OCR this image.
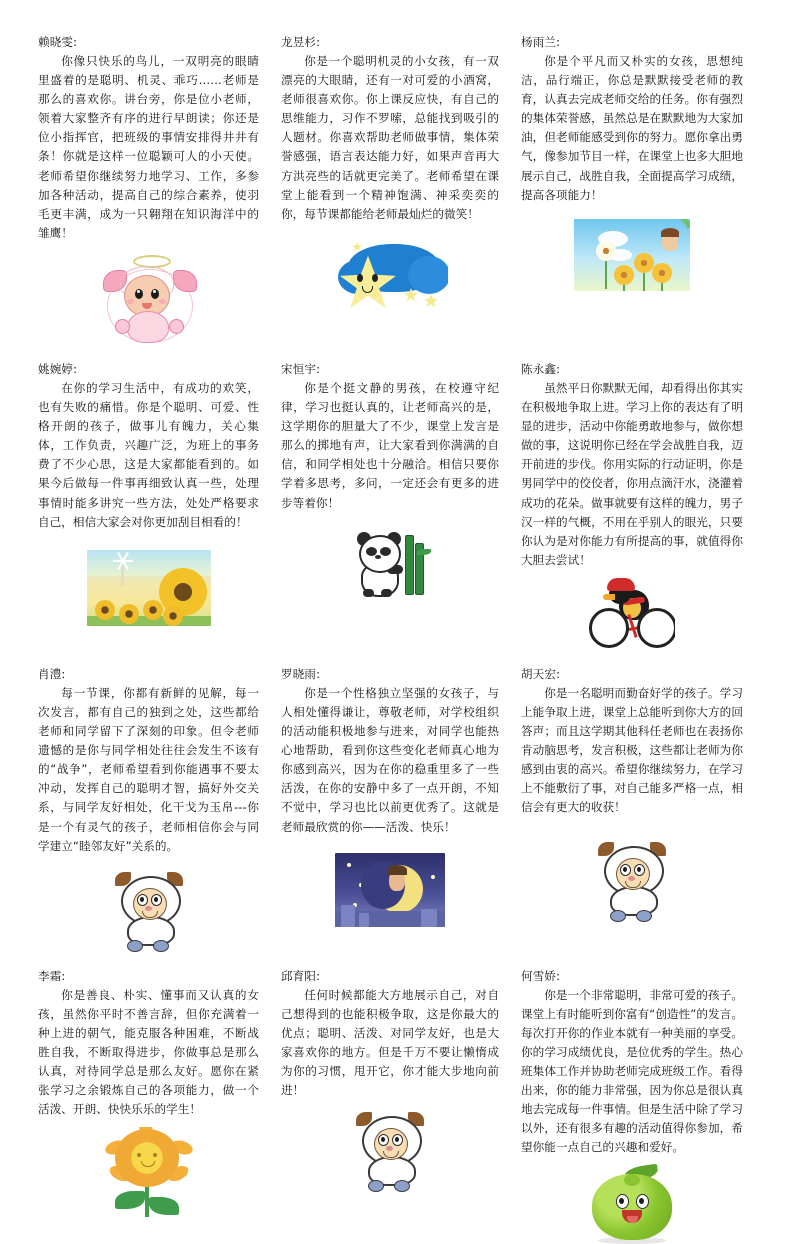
赖晓雯:

你像只快乐的鸟儿，一双明亮的眼睛里盛着的是聪明、机灵、乖巧……老师是那么的喜欢你。讲台旁，你是位小老师，领着大家整齐有序的进行早朗读；你还是位小指挥官，把班级的事情安排得井井有条！你就是这样一位聪颖可人的小天使。老师希望你继续努力地学习、工作，多参加各种活动，提高自己的综合素养，使羽毛更丰满，成为一只翱翔在知识海洋中的雏鹰！

龙昱杉:

你是一个聪明机灵的小女孩，有一双漂亮的大眼睛，还有一对可爱的小酒窝，老师很喜欢你。你上课反应快，有自己的思维能力，习作不罗嗦，总能找到吸引的人题材。你喜欢帮助老师做事情，集体荣誉感强，语言表达能力好，如果声音再大方洪亮些的话就更完美了。老师希望在课堂上能看到一个精神饱满、神采奕奕的你，每节课都能给老师最灿烂的微笑！

杨雨兰:

你是个平凡而又朴实的女孩，思想纯洁，品行端正，你总是默默接受老师的教育，认真去完成老师交给的任务。你有强烈的集体荣誉感，虽然总是在默默地为大家加油，但老师能感受到你的努力。愿你拿出勇气，像参加节目一样，在课堂上也多大胆地展示自己，战胜自我，全面提高学习成绩，提高各项能力！

姚婉婷:

在你的学习生活中，有成功的欢笑，也有失败的痛惜。你是个聪明、可爱、性格开朗的孩子，做事儿有魄力，关心集体，工作负责，兴趣广泛，为班上的事务费了不少心思，这是大家都能看到的。如果今后做每一件事再细致认真一些，处理事情时能多讲究一些方法，处处严格要求自己，相信大家会对你更加刮目相看的！

宋恒宇:

你是个挺文静的男孩，在校遵守纪律，学习也挺认真的，让老师高兴的是，这学期你的胆量大了不少，课堂上发言是那么的掷地有声，让大家看到你满满的自信，和同学相处也十分融洽。相信只要你学着多思考，多问，一定还会有更多的进步等着你！

陈永鑫:

虽然平日你默默无闻，却看得出你其实在积极地争取上进。学习上你的表达有了明显的进步，活动中你能勇敢地参与，做你想做的事，这说明你已经在学会战胜自我，迈开前进的步伐。你用实际的行动证明，你是男同学中的佼佼者，你用点滴汗水，浇灌着成功的花朵。做事就要有这样的魄力，男子汉一样的气概，不用在乎别人的眼光，只要你认为是对你能力有所提高的事，就值得你大胆去尝试！

肖澧:

每一节课，你都有新鲜的见解，每一次发言，都有自己的独到之处，这些都给老师和同学留下了深刻的印象。但令老师遗憾的是你与同学相处往往会发生不该有的“战争”，老师希望看到你能遇事不要太冲动，发挥自己的聪明才智，搞好外交关系，与同学友好相处，化干戈为玉帛---你是一个有灵气的孩子，老师相信你会与同学建立“睦邻友好”关系的。

罗晓雨:

你是一个性格独立坚强的女孩子，与人相处懂得谦让，尊敬老师，对学校组织的活动能积极地参与进来，对同学也能热心地帮助，看到你这些变化老师真心地为你感到高兴，因为在你的稳重里多了一些活泼，在你的安静中多了一点开朗，不知不觉中，学习也比以前更优秀了。这就是老师最欣赏的你——活泼、快乐！

胡天宏:

你是一名聪明而勤奋好学的孩子。学习上能争取上进，课堂上总能听到你大方的回答声；而且这学期其他科任老师也在表扬你肯动脑思考，发言积极，这些都让老师为你感到由衷的高兴。希望你继续努力，在学习上不能敷衍了事，对自己能多严格一点，相信会有更大的收获！

李霜:

你是善良、朴实、懂事而又认真的女孩，虽然你平时不善言辞，但你充满着一种上进的朝气，能克服各种困难，不断战胜自我，不断取得进步，你做事总是那么认真，对待同学总是那么友好。愿你在紧张学习之余锻炼自己的各项能力，做一个活泼、开朗、快快乐乐的学生！

邱育阳:

任何时候都能大方地展示自己，对自己想得到的也能积极争取，这是你最大的优点；聪明、活泼、对同学友好，也是大家喜欢你的地方。但是千万不要让懒惰成为你的习惯，甩开它，你才能大步地向前进！

何雪娇:

你是一个非常聪明，非常可爱的孩子。课堂上有时能听到你富有“创造性”的发言。每次打开你的作业本就有一种美丽的享受。你的学习成绩优良，是位优秀的学生。热心班集体工作并协助老师完成班级工作。看得出来，你的能力非常强，因为你总是很认真地去完成每一件事情。但是生活中除了学习以外，还有很多有趣的活动值得你参加，希望你能一点自己的兴趣和爱好。
